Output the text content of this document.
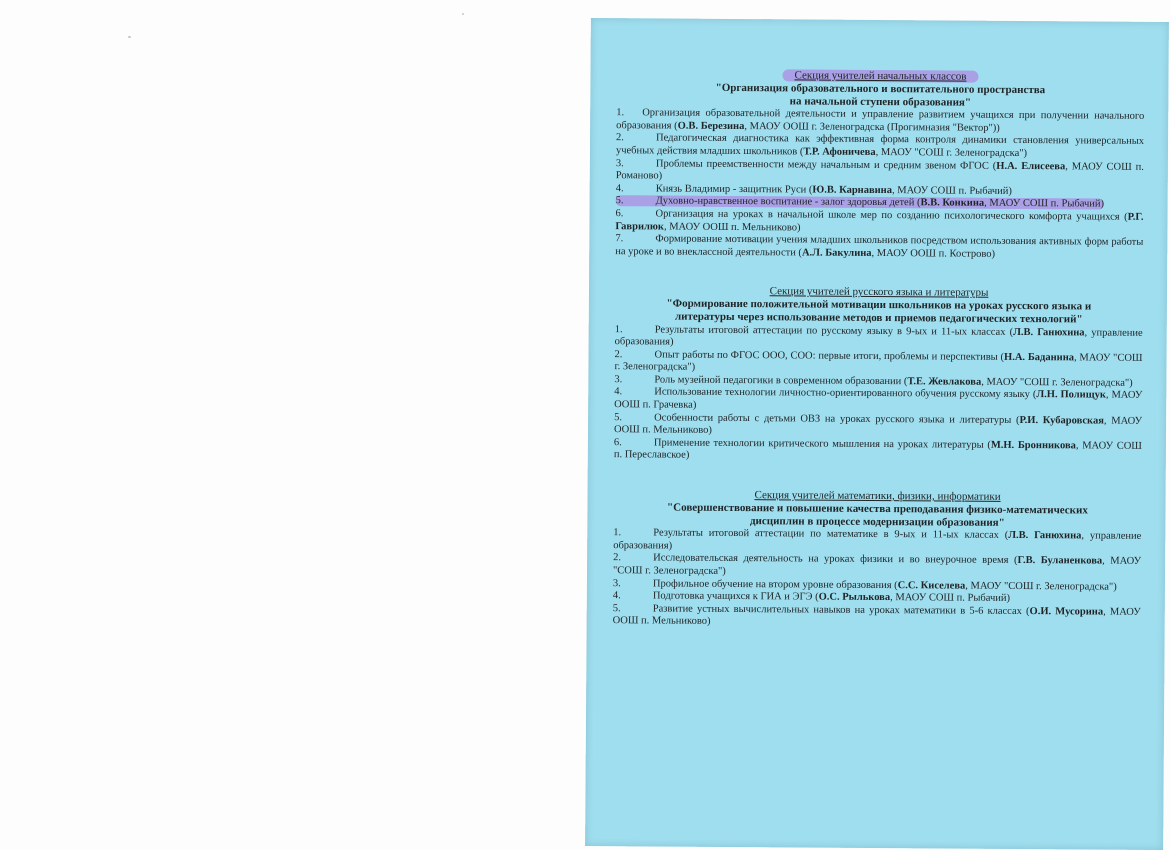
Секция учителей начальных классов
"Организация образовательного и воспитательного пространства
на начальной ступени образования"

1. Организация образовательной деятельности и управление развитием учащихся при получении начального образования (О.В. Березина, МАОУ ООШ г. Зеленоградска (Прогимназия "Вектор"))

2.	Педагогическая диагностика как эффективная форма контроля динамики становления универсальных учебных действия младших школьников (Т.Р. Афоничева, МАОУ "СОШ г. Зеленоградска")

3.	Проблемы преемственности между начальным и средним звеном ФГОС (Н.А. Елисеева, МАОУ СОШ п. Романово)

4.	Князь Владимир - защитник Руси (Ю.В. Карнавина, МАОУ СОШ п. Рыбачий)

5.	Духовно-нравственное воспитание - залог здоровья детей (В.В. Конкина, МАОУ СОШ п. Рыбачий)

6.	Организация на уроках в начальной школе мер по созданию психологического комфорта учащихся (Р.Г. Гаврилюк, МАОУ ООШ п. Мельниково)

7.	Формирование мотивации учения младших школьников посредством использования активных форм работы на уроке и во внеклассной деятельности (А.Л. Бакулина, МАОУ ООШ п. Кострово)

Секция учителей русского языка и литературы
"Формирование положительной мотивации школьников на уроках русского языка и
литературы через использование методов и приемов педагогических технологий"

1.	Результаты итоговой аттестации по русскому языку в 9-ых и 11-ых классах (Л.В. Ганюхина, управление образования)

2.	Опыт работы по ФГОС ООО, СОО: первые итоги, проблемы и перспективы (Н.А. Баданина, МАОУ "СОШ г. Зеленоградска")

3.	Роль музейной педагогики в современном образовании (Т.Е. Жевлакова, МАОУ "СОШ г. Зеленоградска")

4.	Использование технологии личностно-ориентированного обучения русскому языку (Л.Н. Полищук, МАОУ ООШ п. Грачевка)

5.	Особенности работы с детьми ОВЗ на уроках русского языка и литературы (Р.И. Кубаровская, МАОУ ООШ п. Мельниково)

6.	Применение технологии критического мышления на уроках литературы (М.Н. Бронникова, МАОУ СОШ п. Переславское)

Секция учителей математики, физики, информатики
"Совершенствование и повышение качества преподавания физико-математических
дисциплин в процессе модернизации образования"

1.	Результаты итоговой аттестации по математике в 9-ых и 11-ых классах (Л.В. Ганюхина, управление образования)

2.	Исследовательская деятельность на уроках физики и во внеурочное время (Г.В. Буланенкова, МАОУ "СОШ г. Зеленоградска")

3.	Профильное обучение на втором уровне образования (С.С. Киселева, МАОУ "СОШ г. Зеленоградска")

4.	Подготовка учащихся к ГИА и ЭГЭ (О.С. Рылькова, МАОУ СОШ п. Рыбачий)

5.	Развитие устных вычислительных навыков на уроках математики в 5-6 классах (О.И. Мусорина, МАОУ ООШ п. Мельниково)
